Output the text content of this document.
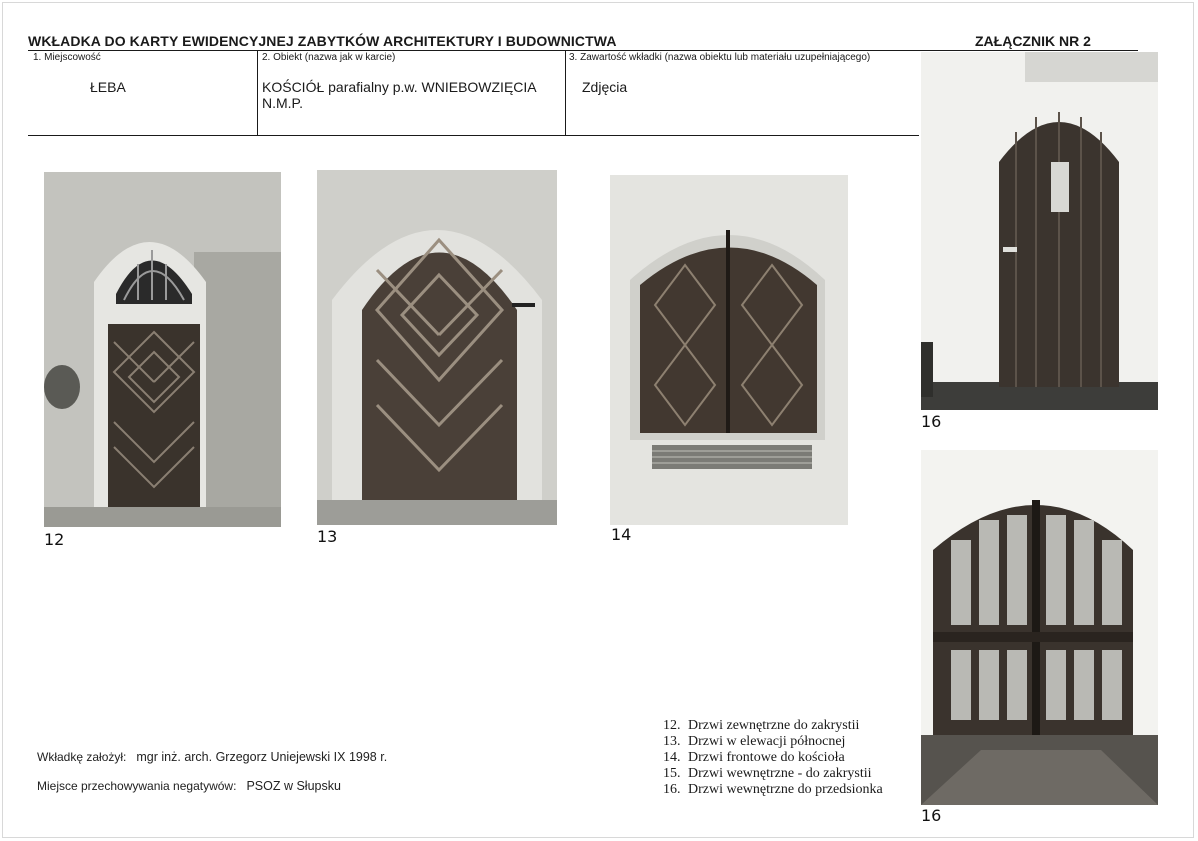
WKŁADKA DO KARTY EWIDENCYJNEJ ZABYTKÓW ARCHITEKTURY I BUDOWNICTWA	ZAŁĄCZNIK NR 2
1. Miejscowość
ŁEBA
2. Obiekt (nazwa jak w karcie)
KOŚCIÓŁ parafialny p.w. WNIEBOWZIĘCIA N.M.P.
3. Zawartość wkładki (nazwa obiektu lub materiału uzupełniającego)
Zdjęcia
12	13	14
16
16
Wkładkę założył: mgr inż. arch. Grzegorz Uniejewski IX 1998 r.
Miejsce przechowywania negatywów: PSOZ w Słupsku
12. Drzwi zewnętrzne do zakrystii
13. Drzwi w elewacji północnej
14. Drzwi frontowe do kościoła
15. Drzwi wewnętrzne - do zakrystii
16. Drzwi wewnętrzne do przedsionka
